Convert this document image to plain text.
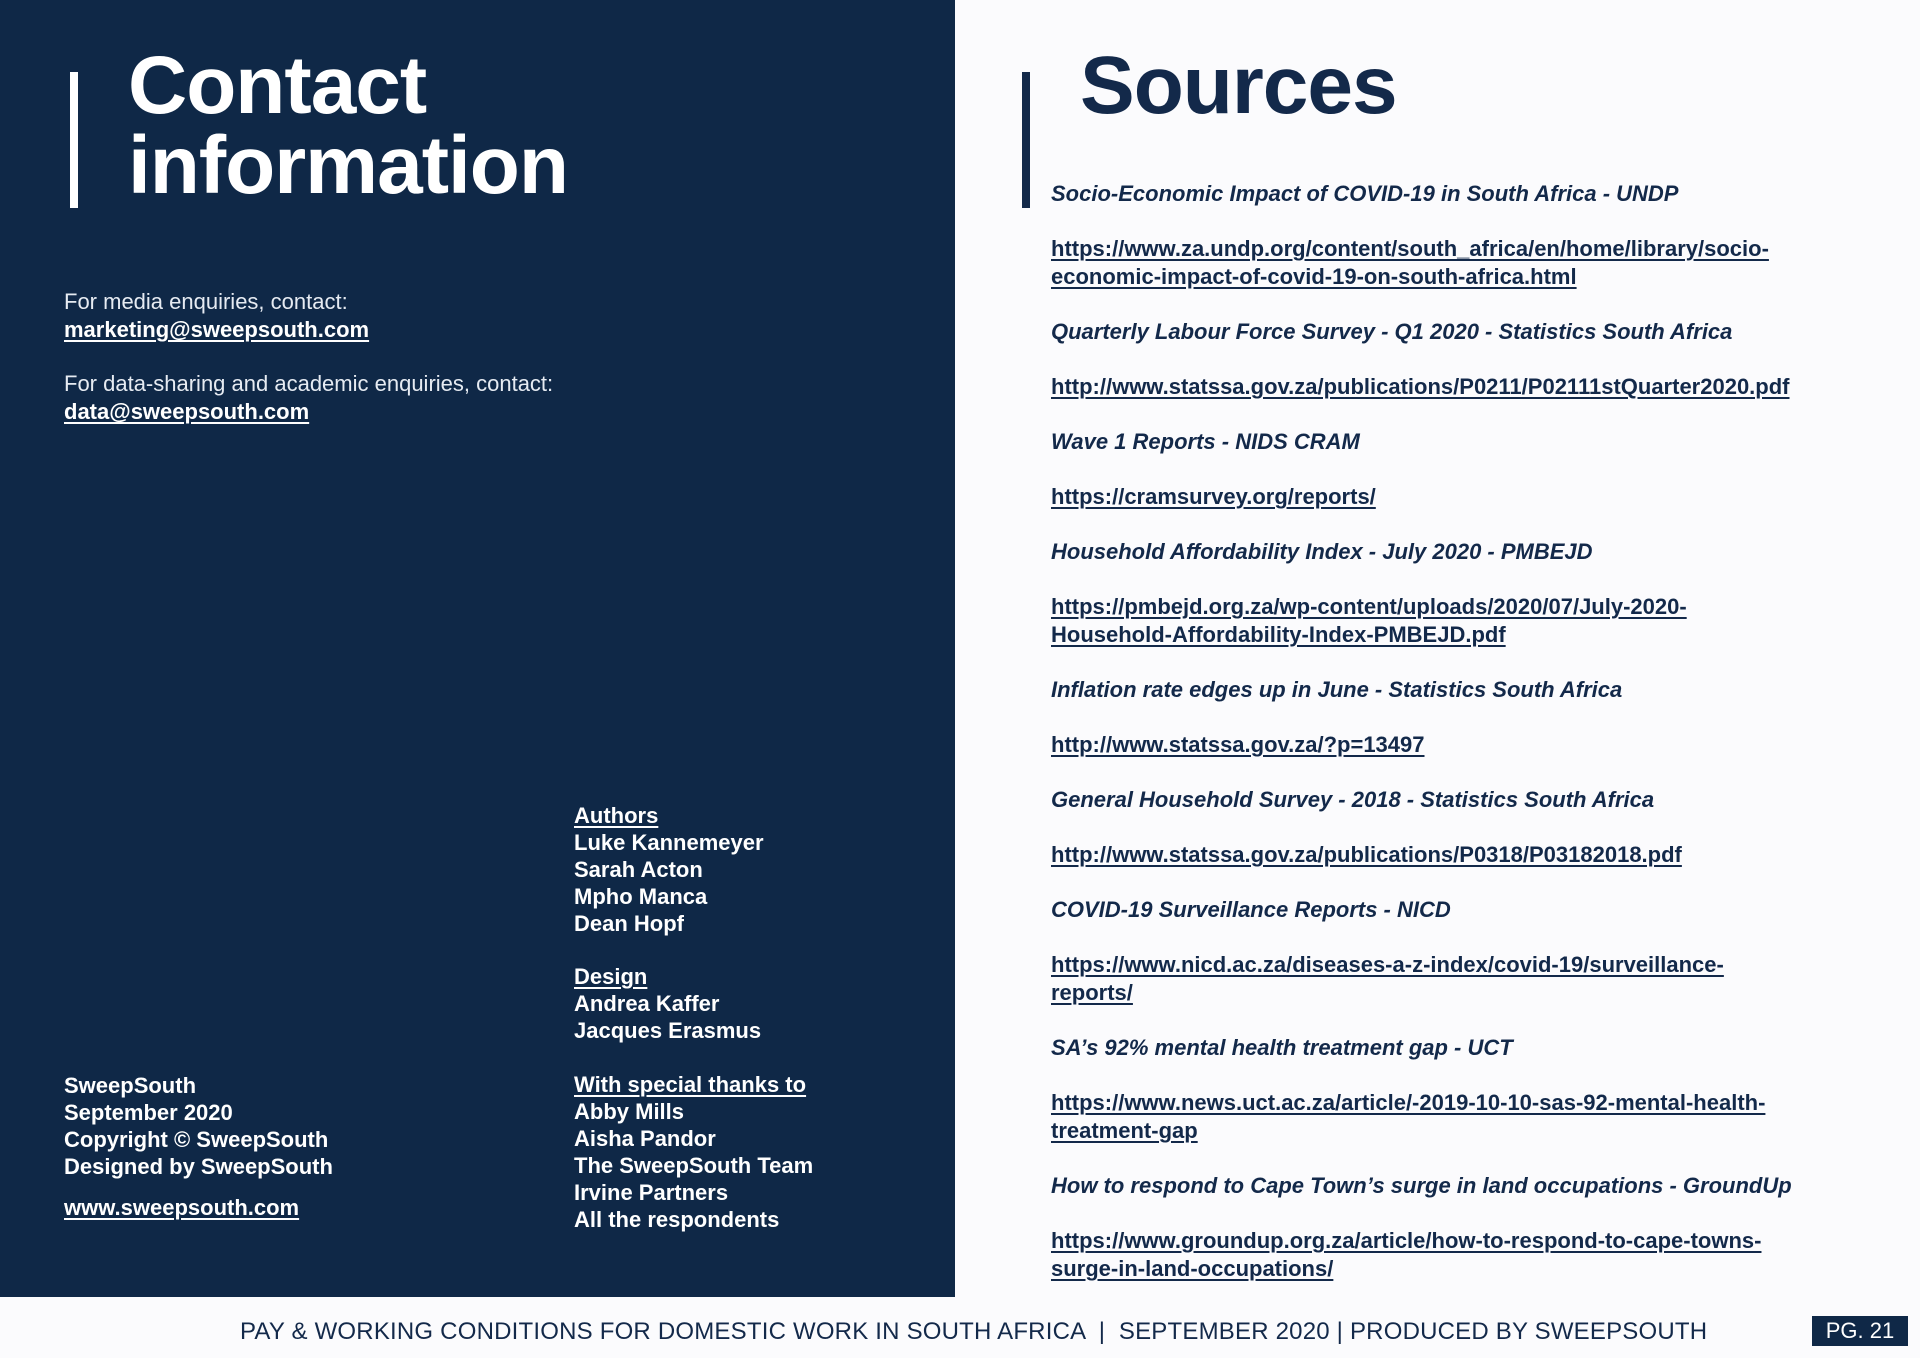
Contact
information
For media enquiries, contact:
marketing@sweepsouth.com
For data-sharing and academic enquiries, contact:
data@sweepsouth.com
Authors
Luke Kannemeyer
Sarah Acton
Mpho Manca
Dean Hopf
Design
Andrea Kaffer
Jacques Erasmus
With special thanks to
Abby Mills
Aisha Pandor
The SweepSouth Team
Irvine Partners
All the respondents
SweepSouth
September 2020
Copyright © SweepSouth
Designed by SweepSouth
www.sweepsouth.com
Sources
Socio-Economic Impact of COVID-19 in South Africa - UNDP
https://www.za.undp.org/content/south_africa/en/home/library/socio-
economic-impact-of-covid-19-on-south-africa.html
Quarterly Labour Force Survey - Q1 2020 - Statistics South Africa
http://www.statssa.gov.za/publications/P0211/P02111stQuarter2020.pdf
Wave 1 Reports - NIDS CRAM
https://cramsurvey.org/reports/
Household Affordability Index - July 2020 - PMBEJD
https://pmbejd.org.za/wp-content/uploads/2020/07/July-2020-
Household-Affordability-Index-PMBEJD.pdf
Inflation rate edges up in June - Statistics South Africa
http://www.statssa.gov.za/?p=13497
General Household Survey - 2018 - Statistics South Africa
http://www.statssa.gov.za/publications/P0318/P03182018.pdf
COVID-19 Surveillance Reports - NICD
https://www.nicd.ac.za/diseases-a-z-index/covid-19/surveillance-
reports/
SA’s 92% mental health treatment gap - UCT
https://www.news.uct.ac.za/article/-2019-10-10-sas-92-mental-health-
treatment-gap
How to respond to Cape Town’s surge in land occupations - GroundUp
https://www.groundup.org.za/article/how-to-respond-to-cape-towns-
surge-in-land-occupations/
PAY & WORKING CONDITIONS FOR DOMESTIC WORK IN SOUTH AFRICA  |  SEPTEMBER 2020 | PRODUCED BY SWEEPSOUTH	PG. 21
